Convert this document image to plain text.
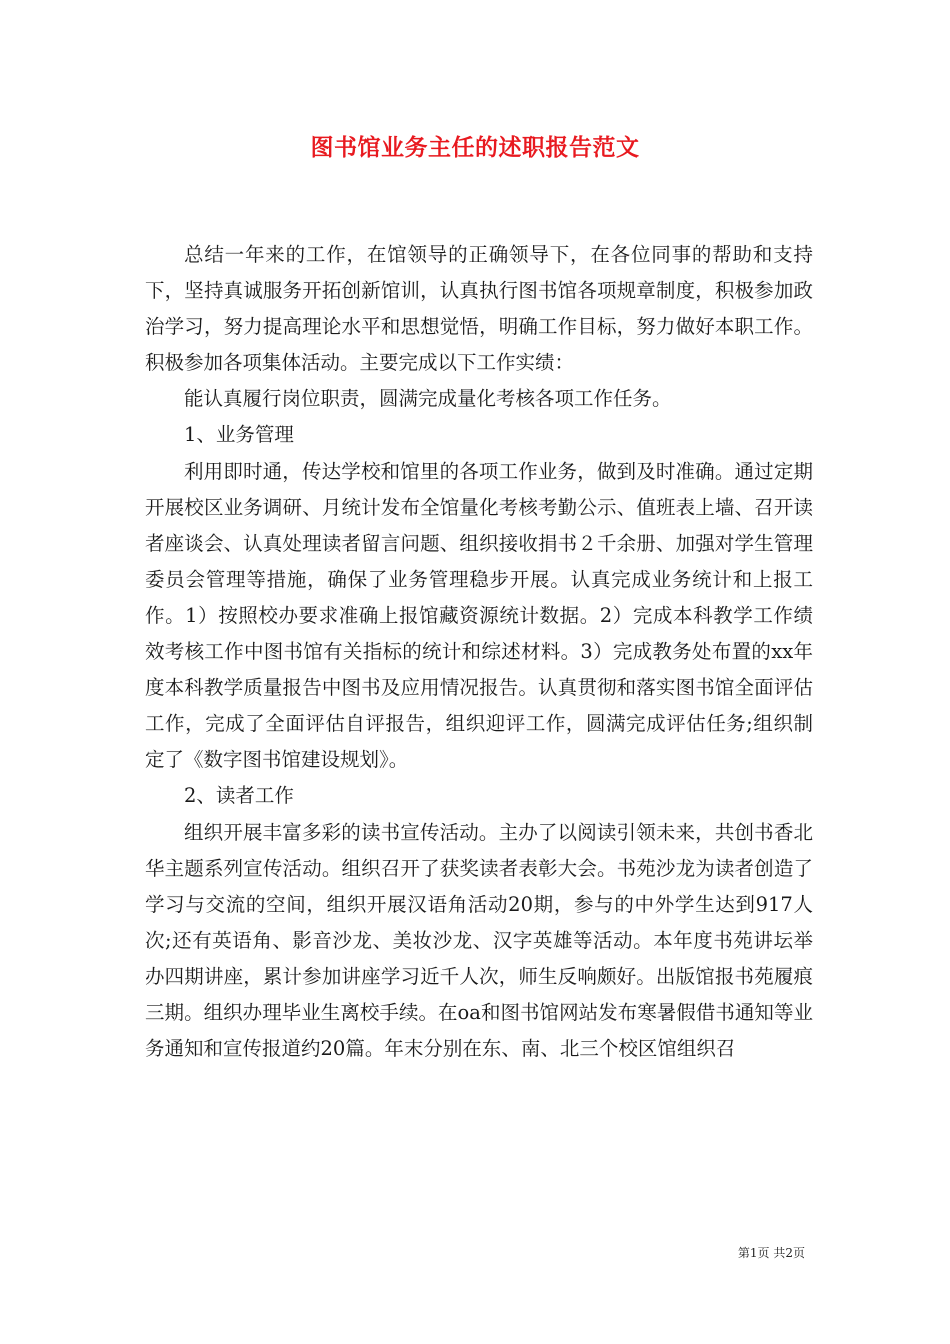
图书馆业务主任的述职报告范文

总结一年来的工作，在馆领导的正确领导下，在各位同事的帮助和支持下，坚持真诚服务开拓创新馆训，认真执行图书馆各项规章制度，积极参加政治学习，努力提高理论水平和思想觉悟，明确工作目标，努力做好本职工作。积极参加各项集体活动。主要完成以下工作实绩：

能认真履行岗位职责，圆满完成量化考核各项工作任务。

1、业务管理

利用即时通，传达学校和馆里的各项工作业务，做到及时准确。通过定期开展校区业务调研、月统计发布全馆量化考核考勤公示、值班表上墙、召开读者座谈会、认真处理读者留言问题、组织接收捐书２千余册、加强对学生管理委员会管理等措施，确保了业务管理稳步开展。认真完成业务统计和上报工作。1）按照校办要求准确上报馆藏资源统计数据。2）完成本科教学工作绩效考核工作中图书馆有关指标的统计和综述材料。3）完成教务处布置的xx年度本科教学质量报告中图书及应用情况报告。认真贯彻和落实图书馆全面评估工作，完成了全面评估自评报告，组织迎评工作，圆满完成评估任务;组织制定了《数字图书馆建设规划》。

2、读者工作

组织开展丰富多彩的读书宣传活动。主办了以阅读引领未来，共创书香北华主题系列宣传活动。组织召开了获奖读者表彰大会。书苑沙龙为读者创造了学习与交流的空间，组织开展汉语角活动20期，参与的中外学生达到917人次;还有英语角、影音沙龙、美妆沙龙、汉字英雄等活动。本年度书苑讲坛举办四期讲座，累计参加讲座学习近千人次，师生反响颇好。出版馆报书苑履痕三期。组织办理毕业生离校手续。在oa和图书馆网站发布寒暑假借书通知等业务通知和宣传报道约20篇。年末分别在东、南、北三个校区馆组织召

第1页 共2页
